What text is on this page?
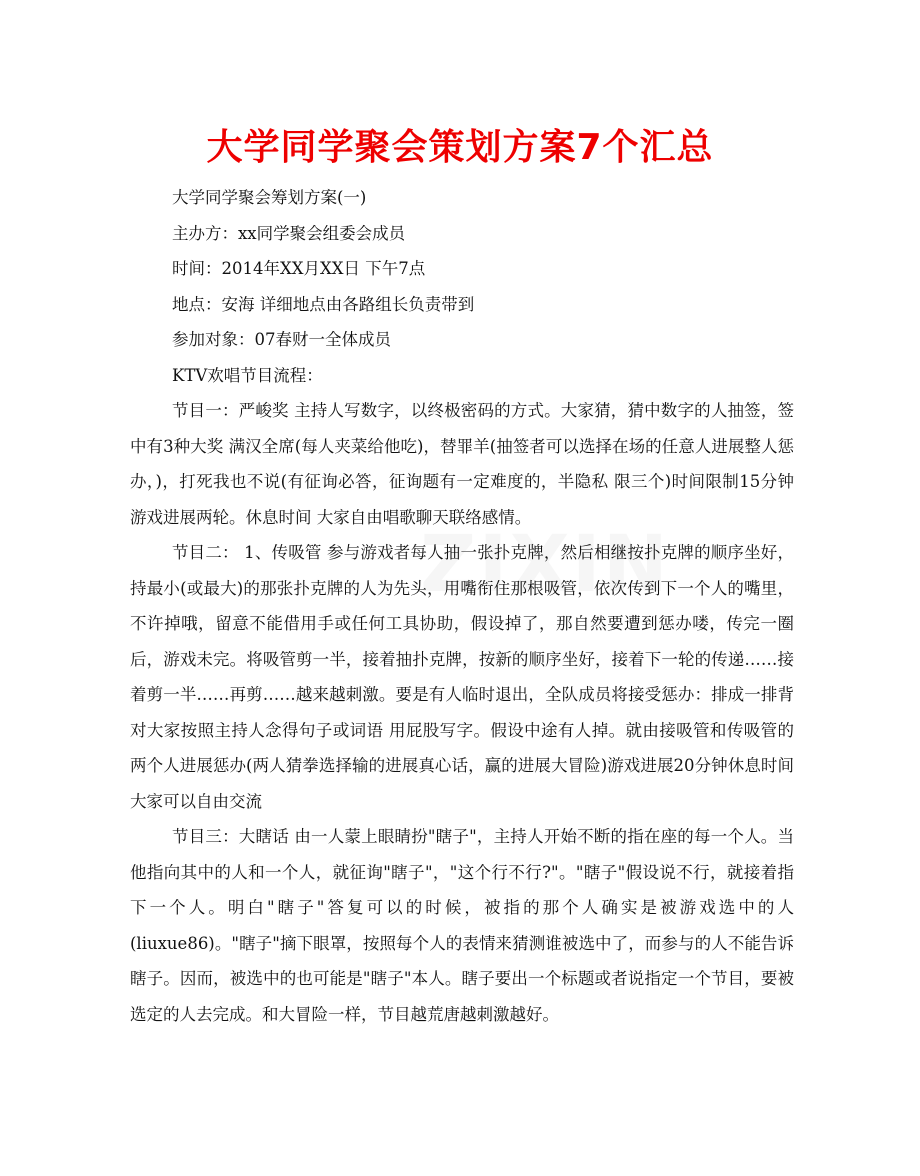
大学同学聚会策划方案7个汇总
大学同学聚会筹划方案(一)
主办方：xx同学聚会组委会成员
时间：2014年XX月XX日 下午7点
地点：安海 详细地点由各路组长负责带到
参加对象：07春财一全体成员
KTV欢唱节目流程：

节目一：严峻奖 主持人写数字，以终极密码的方式。大家猜，猜中数字的人抽签，签中有3种大奖 满汉全席(每人夹菜给他吃)，替罪羊(抽签者可以选择在场的任意人进展整人惩办，)，打死我也不说(有征询必答，征询题有一定难度的，半隐私 限三个)时间限制15分钟 游戏进展两轮。休息时间 大家自由唱歌聊天联络感情。

节目二： 1、传吸管 参与游戏者每人抽一张扑克牌，然后相继按扑克牌的顺序坐好，持最小(或最大)的那张扑克牌的人为先头，用嘴衔住那根吸管，依次传到下一个人的嘴里，不许掉哦，留意不能借用手或任何工具协助，假设掉了，那自然要遭到惩办喽，传完一圈后，游戏未完。将吸管剪一半，接着抽扑克牌，按新的顺序坐好，接着下一轮的传递……接着剪一半……再剪……越来越刺激。要是有人临时退出，全队成员将接受惩办：排成一排背对大家按照主持人念得句子或词语 用屁股写字。假设中途有人掉。就由接吸管和传吸管的两个人进展惩办(两人猜拳选择输的进展真心话，赢的进展大冒险)游戏进展20分钟休息时间 大家可以自由交流

节目三：大瞎话 由一人蒙上眼睛扮"瞎子"，主持人开始不断的指在座的每一个人。当他指向其中的人和一个人，就征询"瞎子"，"这个行不行?"。"瞎子"假设说不行，就接着指下一个人。明白"瞎子"答复可以的时候，被指的那个人确实是被游戏选中的人(liuxue86)。"瞎子"摘下眼罩，按照每个人的表情来猜测谁被选中了，而参与的人不能告诉瞎子。因而，被选中的也可能是"瞎子"本人。瞎子要出一个标题或者说指定一个节目，要被选定的人去完成。和大冒险一样，节目越荒唐越刺激越好。
